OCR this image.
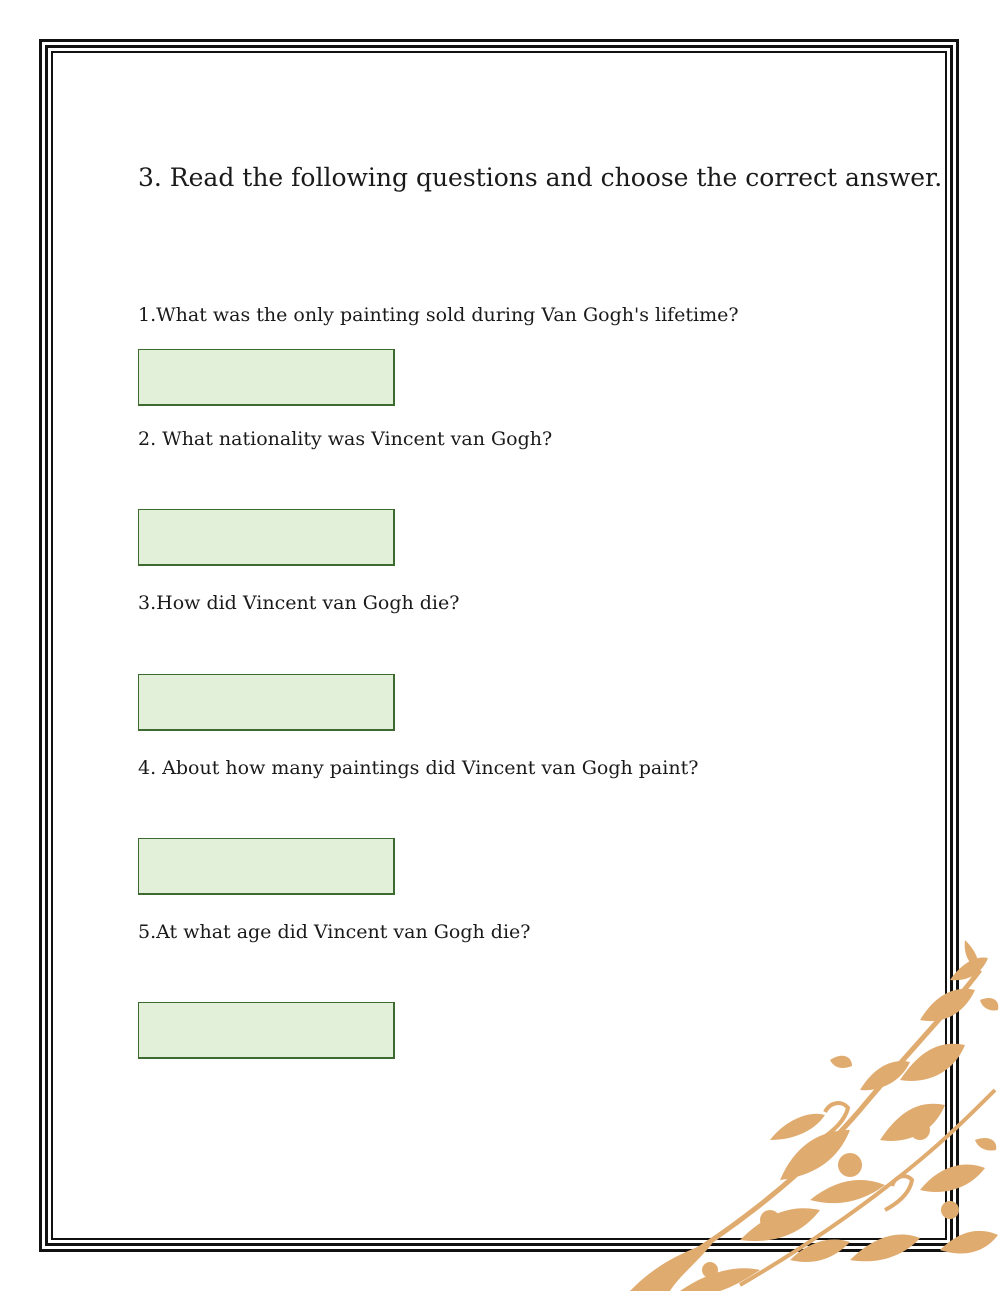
3. Read the following questions and choose the correct answer.

1.What was the only painting sold during Van Gogh's lifetime?

2. What nationality was Vincent van Gogh?

3.How did Vincent van Gogh die?

4. About how many paintings did Vincent van Gogh paint?

5.At what age did Vincent van Gogh die?
